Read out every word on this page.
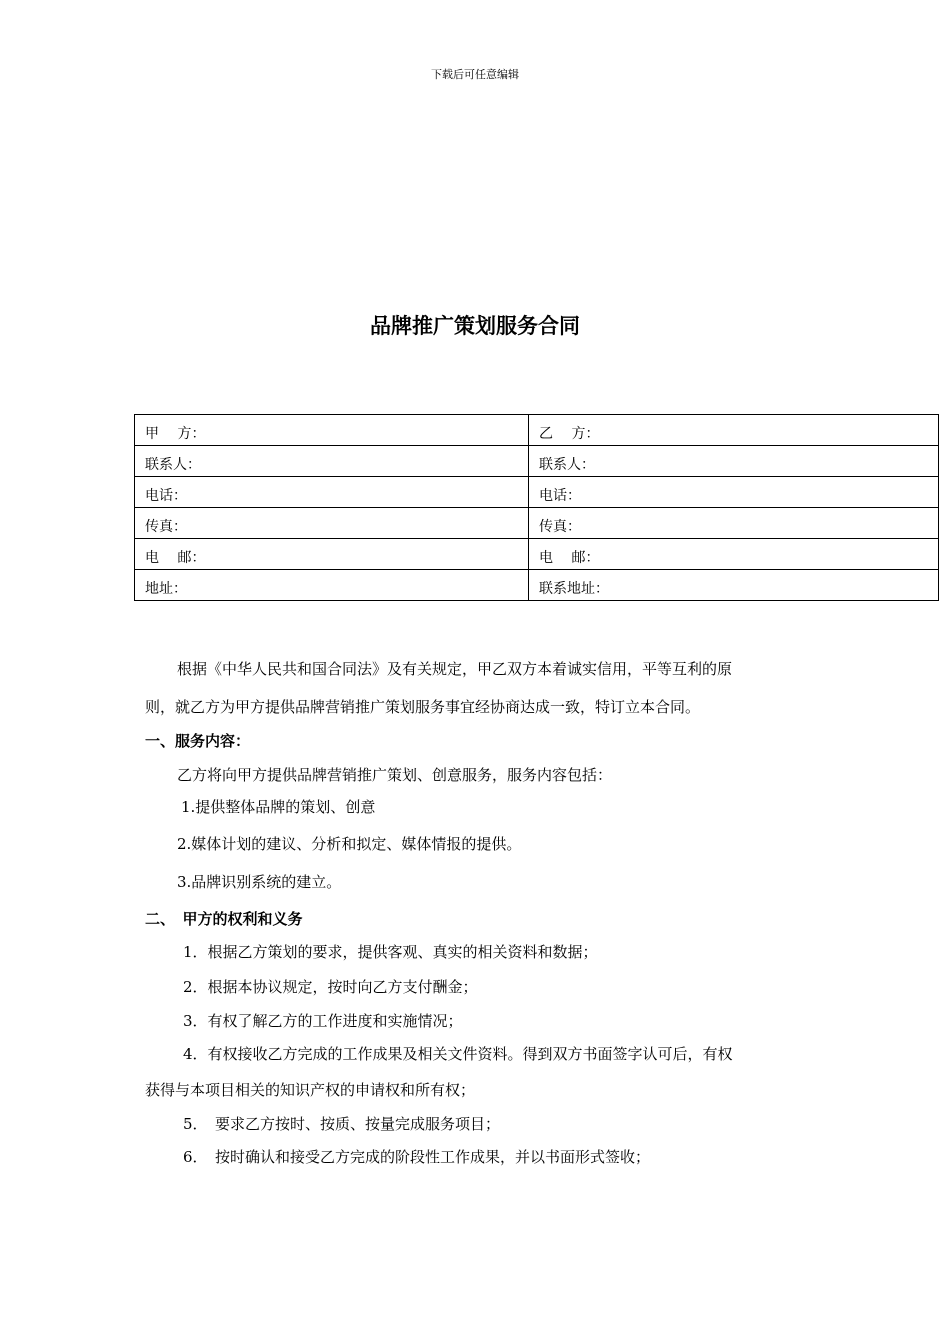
下载后可任意编辑
品牌推广策划服务合同
甲　 方：	乙　 方：
联系人：	联系人：
电话：	电话：
传真：	传真：
电　 邮：	电　 邮：
地址：	联系地址：
根据《中华人民共和国合同法》及有关规定，甲乙双方本着诚实信用，平等互利的原
则，就乙方为甲方提供品牌营销推广策划服务事宜经协商达成一致，特订立本合同。
一、服务内容：
乙方将向甲方提供品牌营销推广策划、创意服务，服务内容包括：
1.提供整体品牌的策划、创意
2.媒体计划的建议、分析和拟定、媒体情报的提供。
3.品牌识别系统的建立。
二、　甲方的权利和义务
1．根据乙方策划的要求，提供客观、真实的相关资料和数据；
2．根据本协议规定，按时向乙方支付酬金；
3．有权了解乙方的工作进度和实施情况；
4．有权接收乙方完成的工作成果及相关文件资料。得到双方书面签字认可后，有权
获得与本项目相关的知识产权的申请权和所有权；
5．　要求乙方按时、按质、按量完成服务项目；
6．　按时确认和接受乙方完成的阶段性工作成果，并以书面形式签收；
